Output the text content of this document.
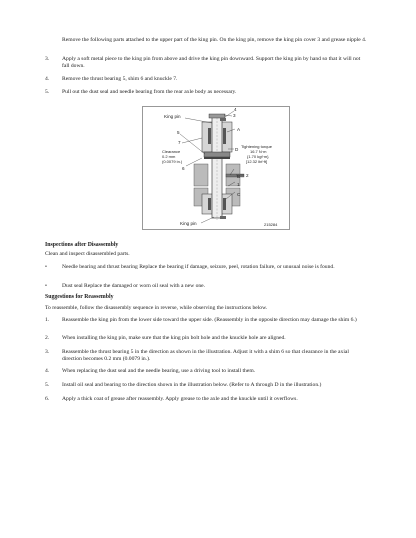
Remove the following parts attached to the upper part of the king pin. On the king pin, remove the king pin cover 3 and grease nipple 4.
3.	Apply a soft metal piece to the king pin from above and drive the king pin downward. Support the king pin by hand so that it will not fall down.
4.	Remove the thrust bearing 5, shim 6 and knuckle 7.
5.	Pull out the dust seal and needle bearing from the rear axle body as necessary.
King pin
4
3
A
5
7
D
Clearance
0.2 mm
(0.0079 in.)
6
Tightening torque
16.7 N·m
{1.70 kgf·m}
[12.32 lbf·ft]
B 2
1
C
King pin	215284
Inspections after Disassembly
Clean and inspect disassembled parts.
•	Needle bearing and thrust bearing Replace the bearing if damage, seizure, peel, rotation failure, or unusual noise is found.
•	Dust seal Replace the damaged or worn oil seal with a new one.
Suggestions for Reassembly
To reassemble, follow the disassembly sequence in reverse, while observing the instructions below.
1.	Reassemble the king pin from the lower side toward the upper side. (Reassembly in the opposite direction may damage the shim 6.)
2.	When installing the king pin, make sure that the king pin bolt hole and the knuckle hole are aligned.
3.	Reassemble the thrust bearing 5 in the direction as shown in the illustration. Adjust it with a shim 6 so that clearance in the axial direction becomes 0.2 mm (0.0079 in.).
4.	When replacing the dust seal and the needle bearing, use a driving tool to install them.
5.	Install oil seal and bearing to the direction shown in the illustration below. (Refer to A through D in the illustration.)
6.	Apply a thick coat of grease after reassembly. Apply grease to the axle and the knuckle until it overflows.
